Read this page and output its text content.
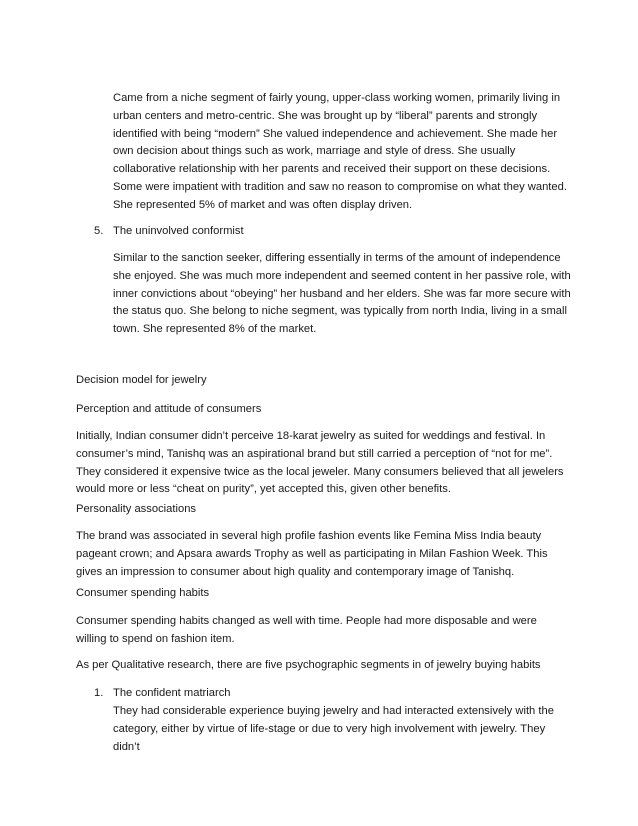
Came from a niche segment of fairly young, upper-class working women, primarily living in urban centers and metro-centric. She was brought up by “liberal” parents and strongly identified with being “modern” She valued independence and achievement. She made her own decision about things such as work, marriage and style of dress. She usually collaborative relationship with her parents and received their support on these decisions. Some were impatient with tradition and saw no reason to compromise on what they wanted. She represented 5% of market and was often display driven.

5. The uninvolved conformist

Similar to the sanction seeker, differing essentially in terms of the amount of independence she enjoyed. She was much more independent and seemed content in her passive role, with inner convictions about “obeying” her husband and her elders. She was far more secure with the status quo. She belong to niche segment, was typically from north India, living in a small town. She represented 8% of the market.

Decision model for jewelry

Perception and attitude of consumers

Initially, Indian consumer didn’t perceive 18-karat jewelry as suited for weddings and festival. In consumer’s mind, Tanishq was an aspirational brand but still carried a perception of “not for me”. They considered it expensive twice as the local jeweler. Many consumers believed that all jewelers would more or less “cheat on purity”, yet accepted this, given other benefits.

Personality associations

The brand was associated in several high profile fashion events like Femina Miss India beauty pageant crown; and Apsara awards Trophy as well as participating in Milan Fashion Week. This gives an impression to consumer about high quality and contemporary image of Tanishq.

Consumer spending habits

Consumer spending habits changed as well with time. People had more disposable and were willing to spend on fashion item.

As per Qualitative research, there are five psychographic segments in of jewelry buying habits

1. The confident matriarch

They had considerable experience buying jewelry and had interacted extensively with the category, either by virtue of life-stage or due to very high involvement with jewelry. They didn’t
